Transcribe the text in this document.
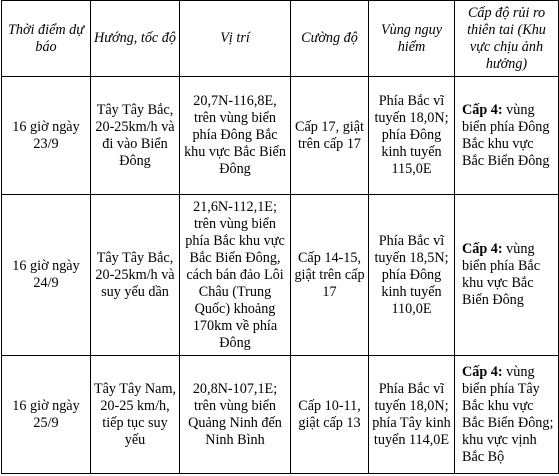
Thời điểm dự báo	Hướng, tốc độ	Vị trí	Cường độ	Vùng nguy hiểm	Cấp độ rủi ro thiên tai (Khu vực chịu ảnh hưởng)
16 giờ ngày 23/9	Tây Tây Bắc, 20-25km/h và đi vào Biển Đông	20,7N-116,8E, trên vùng biển phía Đông Bắc khu vực Bắc Biển Đông	Cấp 17, giật trên cấp 17	Phía Bắc vĩ tuyến 18,0N; phía Đông kinh tuyến 115,0E	Cấp 4: vùng biển phía Đông Bắc khu vực Bắc Biển Đông
16 giờ ngày 24/9	Tây Tây Bắc, 20-25km/h và suy yếu dần	21,6N-112,1E; trên vùng biển phía Bắc khu vực Bắc Biển Đông, cách bán đảo Lôi Châu (Trung Quốc) khoảng 170km về phía Đông	Cấp 14-15, giật trên cấp 17	Phía Bắc vĩ tuyến 18,5N; phía Đông kinh tuyến 110,0E	Cấp 4: vùng biển phía Bắc khu vực Bắc Biển Đông
16 giờ ngày 25/9	Tây Tây Nam, 20-25 km/h, tiếp tục suy yếu	20,8N-107,1E; trên vùng biển Quảng Ninh đến Ninh Bình	Cấp 10-11, giật cấp 13	Phía Bắc vĩ tuyến 18,0N; phía Tây kinh tuyến 114,0E	Cấp 4: vùng biển phía Tây Bắc khu vực Bắc Biển Đông; khu vực vịnh Bắc Bộ
